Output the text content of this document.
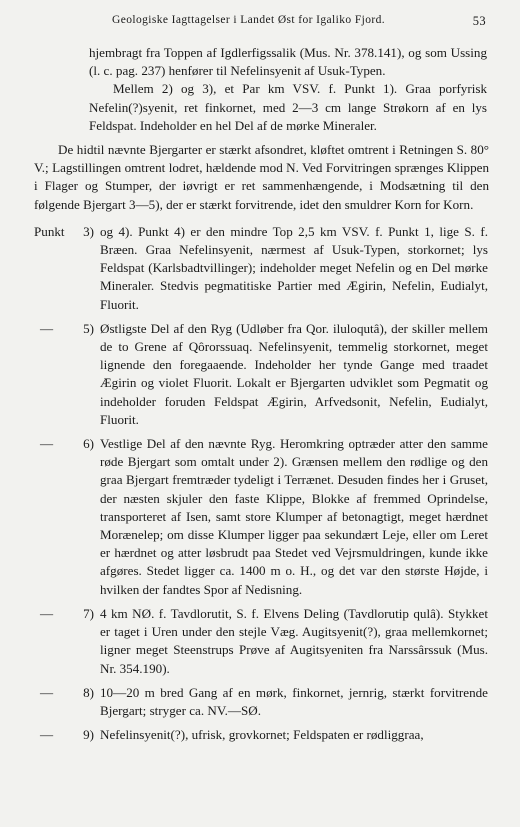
Geologiske Iagttagelser i Landet Øst for Igaliko Fjord.	53
hjembragt fra Toppen af Igdlerfigssalik (Mus. Nr. 378.141), og som Ussing (l. c. pag. 237) henfører til Nefelinsyenit af Usuk-Typen.
Mellem 2) og 3), et Par km VSV. f. Punkt 1). Graa porfyrisk Nefelin(?)syenit, ret finkornet, med 2—3 cm lange Strøkorn af en lys Feldspat. Indeholder en hel Del af de mørke Mineraler.
De hidtil nævnte Bjergarter er stærkt afsondret, kløftet omtrent i Retningen S. 80° V.; Lagstillingen omtrent lodret, hældende mod N. Ved Forvitringen sprænges Klippen i Flager og Stumper, der iøvrigt er ret sammenhængende, i Modsætning til den følgende Bjergart 3—5), der er stærkt forvitrende, idet den smuldrer Korn for Korn.
Punkt	3) og 4). Punkt 4) er den mindre Top 2,5 km VSV. f. Punkt 1, lige S. f. Bræen. Graa Nefelinsyenit, nærmest af Usuk-Typen, storkornet; lys Feldspat (Karlsbadtvillinger); indeholder meget Nefelin og en Del mørke Mineraler. Stedvis pegmatitiske Partier med Ægirin, Nefelin, Eudialyt, Fluorit.
—	5) Østligste Del af den Ryg (Udløber fra Qor. iluloqutâ), der skiller mellem de to Grene af Qôrorssuaq. Nefelinsyenit, temmelig storkornet, meget lignende den foregaaende. Indeholder her tynde Gange med traadet Ægirin og violet Fluorit. Lokalt er Bjergarten udviklet som Pegmatit og indeholder foruden Feldspat Ægirin, Arfvedsonit, Nefelin, Eudialyt, Fluorit.
—	6) Vestlige Del af den nævnte Ryg. Heromkring optræder atter den samme røde Bjergart som omtalt under 2). Grænsen mellem den rødlige og den graa Bjergart fremtræder tydeligt i Terrænet. Desuden findes her i Gruset, der næsten skjuler den faste Klippe, Blokke af fremmed Oprindelse, transporteret af Isen, samt store Klumper af betonagtigt, meget hærdnet Morænelер; om disse Klumper ligger paa sekundært Leje, eller om Leret er hærdnet og atter løsbrudt paa Stedet ved Vejrsmuldringen, kunde ikke afgøres. Stedet ligger ca. 1400 m o. H., og det var den største Højde, i hvilken der fandtes Spor af Nedisning.
—	7) 4 km NØ. f. Tavdlorutit, S. f. Elvens Deling (Tavdlorutip qulâ). Stykket er taget i Uren under den stejle Væg. Augitsyenit(?), graa mellemkornet; ligner meget Steenstrups Prøve af Augitsyeniten fra Narssârssuk (Mus. Nr. 354.190).
—	8) 10—20 m bred Gang af en mørk, finkornet, jernrig, stærkt forvitrende Bjergart; stryger ca. NV.—SØ.
—	9) Nefelinsyenit(?), ufrisk, grovkornet; Feldspaten er rødliggraa,
